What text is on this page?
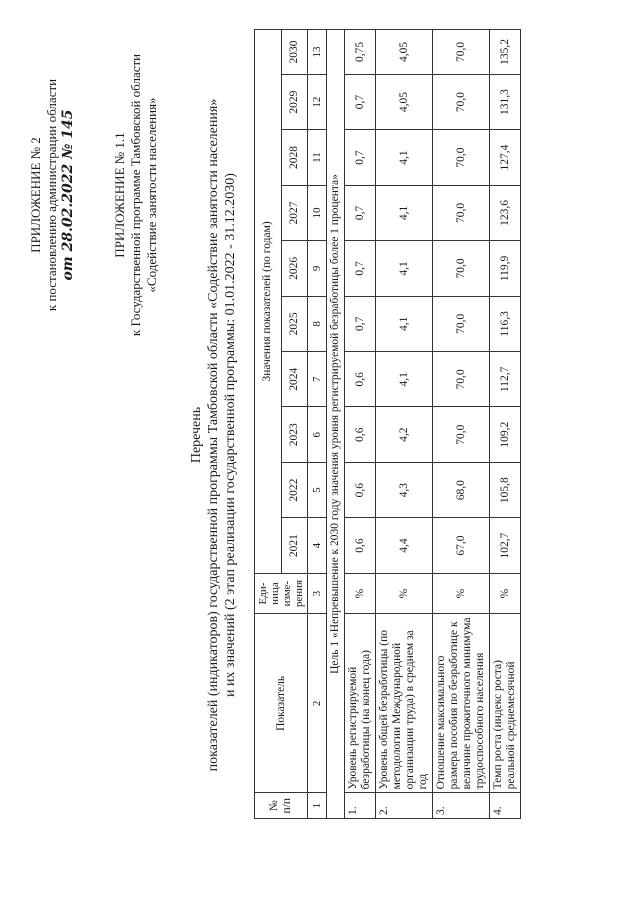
ПРИЛОЖЕНИЕ № 2 к постановлению администрации области от 28.02.2022 № 145	ПРИЛОЖЕНИЕ № 1.1 к Государственной программе Тамбовской области «Содействие занятости населения»
Перечень показателей (индикаторов) государственной программы Тамбовской области «Содействие занятости населения» и их значений (2 этап реализации государственной программы: 01.01.2022 - 31.12.2030)
№ п/п	Показатель	Еди-ница изме-рения	Значения показателей (по годам)									
			2021	2022	2023	2024	2025	2026	2027	2028	2029	2030
1	2	3	4	5	6	7	8	9	10	11	12	13
Цель 1 «Непревышение к 2030 году значения уровня регистрируемой безработицы более 1 процента»												
1.	Уровень регистрируемой безработицы (на конец года)	%	0,6	0,6	0,6	0,6	0,7	0,7	0,7	0,7	0,7	0,75
2.	Уровень общей безработицы (по методологии Международной организации труда) в среднем за год	%	4,4	4,3	4,2	4,1	4,1	4,1	4,1	4,1	4,05	4,05
3.	Отношение максимального размера пособия по безработице к величине прожиточного минимума трудоспособного населения	%	67,0	68,0	70,0	70,0	70,0	70,0	70,0	70,0	70,0	70,0
4.	Темп роста (индекс роста) реальной среднемесячной	%	102,7	105,8	109,2	112,7	116,3	119,9	123,6	127,4	131,3	135,2
